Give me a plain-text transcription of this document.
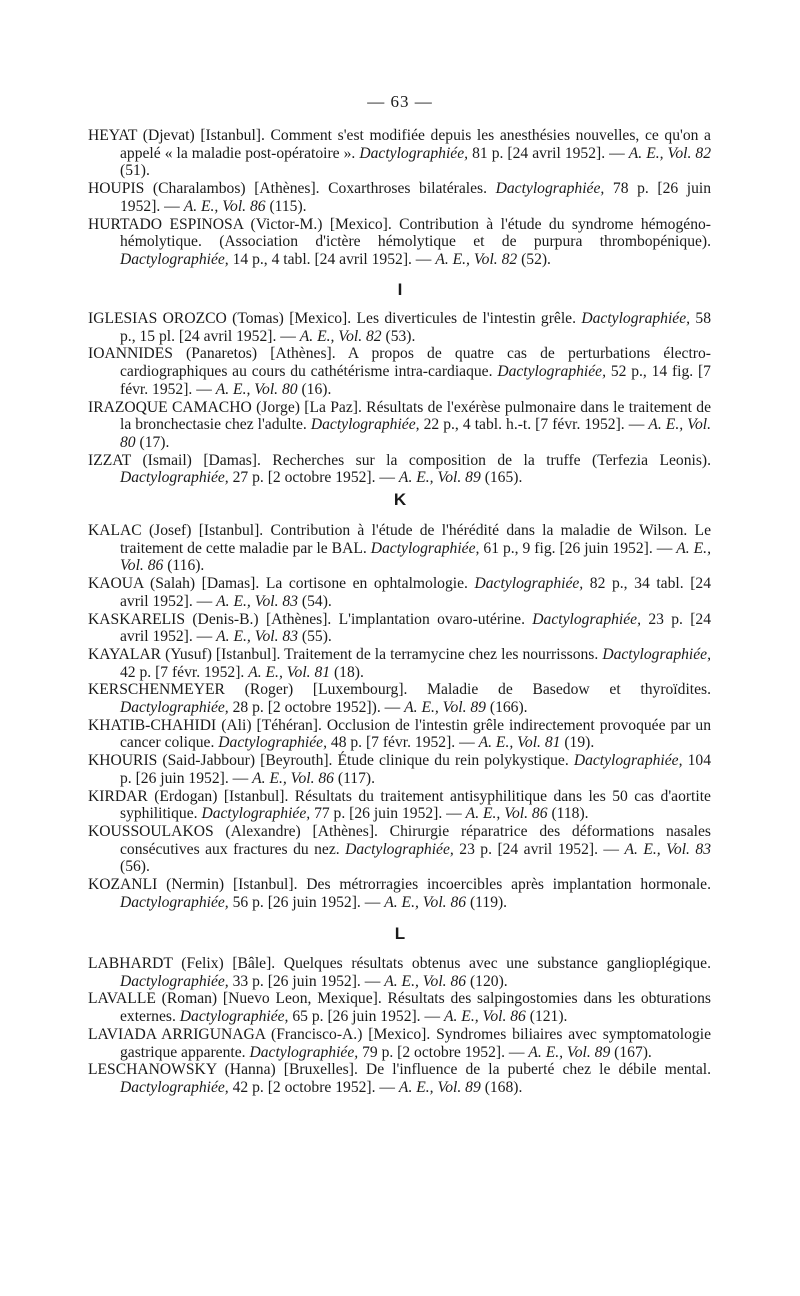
— 63 —

HEYAT (Djevat) [Istanbul]. Comment s'est modifiée depuis les anesthésies nouvelles, ce qu'on a appelé « la maladie post-opératoire ». Dactylographiée, 81 p. [24 avril 1952]. — A. E., Vol. 82 (51).

HOUPIS (Charalambos) [Athènes]. Coxarthroses bilatérales. Dactylographiée, 78 p. [26 juin 1952]. — A. E., Vol. 86 (115).

HURTADO ESPINOSA (Victor-M.) [Mexico]. Contribution à l'étude du syndrome hémogéno-hémolytique. (Association d'ictère hémolytique et de purpura thrombopénique). Dactylographiée, 14 p., 4 tabl. [24 avril 1952]. — A. E., Vol. 82 (52).

I

IGLESIAS OROZCO (Tomas) [Mexico]. Les diverticules de l'intestin grêle. Dactylographiée, 58 p., 15 pl. [24 avril 1952]. — A. E., Vol. 82 (53).

IOANNIDES (Panaretos) [Athènes]. A propos de quatre cas de perturbations électro-cardiographiques au cours du cathétérisme intra-cardiaque. Dactylographiée, 52 p., 14 fig. [7 févr. 1952]. — A. E., Vol. 80 (16).

IRAZOQUE CAMACHO (Jorge) [La Paz]. Résultats de l'exérèse pulmonaire dans le traitement de la bronchectasie chez l'adulte. Dactylographiée, 22 p., 4 tabl. h.-t. [7 févr. 1952]. — A. E., Vol. 80 (17).

IZZAT (Ismail) [Damas]. Recherches sur la composition de la truffe (Terfezia Leonis). Dactylographiée, 27 p. [2 octobre 1952]. — A. E., Vol. 89 (165).

K

KALAC (Josef) [Istanbul]. Contribution à l'étude de l'hérédité dans la maladie de Wilson. Le traitement de cette maladie par le BAL. Dactylographiée, 61 p., 9 fig. [26 juin 1952]. — A. E., Vol. 86 (116).

KAOUA (Salah) [Damas]. La cortisone en ophtalmologie. Dactylographiée, 82 p., 34 tabl. [24 avril 1952]. — A. E., Vol. 83 (54).

KASKARELIS (Denis-B.) [Athènes]. L'implantation ovaro-utérine. Dactylographiée, 23 p. [24 avril 1952]. — A. E., Vol. 83 (55).

KAYALAR (Yusuf) [Istanbul]. Traitement de la terramycine chez les nourrissons. Dactylographiée, 42 p. [7 févr. 1952]. A. E., Vol. 81 (18).

KERSCHENMEYER (Roger) [Luxembourg]. Maladie de Basedow et thyroïdites. Dactylographiée, 28 p. [2 octobre 1952]). — A. E., Vol. 89 (166).

KHATIB-CHAHIDI (Ali) [Téhéran]. Occlusion de l'intestin grêle indirectement provoquée par un cancer colique. Dactylographiée, 48 p. [7 févr. 1952]. — A. E., Vol. 81 (19).

KHOURIS (Said-Jabbour) [Beyrouth]. Étude clinique du rein polykystique. Dactylographiée, 104 p. [26 juin 1952]. — A. E., Vol. 86 (117).

KIRDAR (Erdogan) [Istanbul]. Résultats du traitement antisyphilitique dans les 50 cas d'aortite syphilitique. Dactylographiée, 77 p. [26 juin 1952]. — A. E., Vol. 86 (118).

KOUSSOULAKOS (Alexandre) [Athènes]. Chirurgie réparatrice des déformations nasales consécutives aux fractures du nez. Dactylographiée, 23 p. [24 avril 1952]. — A. E., Vol. 83 (56).

KOZANLI (Nermin) [Istanbul]. Des métrorragies incoercibles après implantation hormonale. Dactylographiée, 56 p. [26 juin 1952]. — A. E., Vol. 86 (119).

L

LABHARDT (Felix) [Bâle]. Quelques résultats obtenus avec une substance ganglioplégique. Dactylographiée, 33 p. [26 juin 1952]. — A. E., Vol. 86 (120).

LAVALLE (Roman) [Nuevo Leon, Mexique]. Résultats des salpingostomies dans les obturations externes. Dactylographiée, 65 p. [26 juin 1952]. — A. E., Vol. 86 (121).

LAVIADA ARRIGUNAGA (Francisco-A.) [Mexico]. Syndromes biliaires avec symptomatologie gastrique apparente. Dactylographiée, 79 p. [2 octobre 1952]. — A. E., Vol. 89 (167).

LESCHANOWSKY (Hanna) [Bruxelles]. De l'influence de la puberté chez le débile mental. Dactylographiée, 42 p. [2 octobre 1952]. — A. E., Vol. 89 (168).
